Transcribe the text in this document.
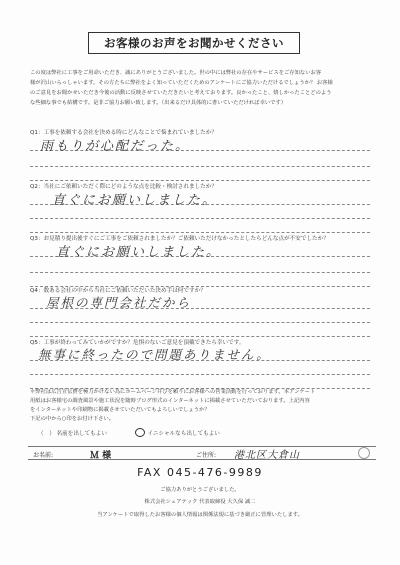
お客様のお声をお聞かせください

この度は弊社に工事をご用命いただき、誠にありがとうございました。世の中には弊社の存在やサービスをご存知ないお客

様が沢山いらっしゃいます。その方たちに弊社をよく知っていただくためのアンケートにご協力いただけるでしょうか？ お客様

のご意見をお聞かせいただき今後の活動に反映させていただきたいと考えております。良かったこと、嬉しかったことどのよう

な些細な事でも結構です。是非ご協力お願い致します。（出来るだけ具体的に書いていただければ幸いです）

Q1：工事を依頼する会社を決める時にどんなことで悩まれていましたか？
雨もりが心配だった。
Q2：当社にご依頼いただく際にどのような点を比較・検討されましたか？
直ぐにお願いしました。
Q3：お見積り提出後すぐにご工事をご依頼されましたか？ご依頼いただけなかったとしたらどんな点が不安でしたか？
直ぐにお願いしました。
Q4：数ある会社の中から当社にご依頼いただいた決め手は何ですか？
屋根の専門会社だから
Q5：工事が終わってみていかがですか？危惧のないご意見を頂戴できたら幸いです。
無事に終ったので問題ありません。

＊弊社は広告宣伝費を極力かけない為にホームページ并びを頼りにお客様への営業活動を行っております。本アンケート

用紙はお客様宅の調査風景や施工状況を随時ブログ形式のインターネットに掲載させていただいております。上記内容

をインターネットや印刷物に掲載させていただいてもよろしいでしょうか？

下記の中から○印をお付け下さい。

（　） 名前を出してもよい	イニシャルなら出してもよい
お名前:	Ｍ 様	ご住所: 港北区大倉山
FAX 045-476-9989
ご協力ありがとうございました。
株式会社シェアテック 代表取締役 大久保 誠二
当アンケートで取得したお客様の個人情報は関係法規に基づき厳正に管理いたします。
